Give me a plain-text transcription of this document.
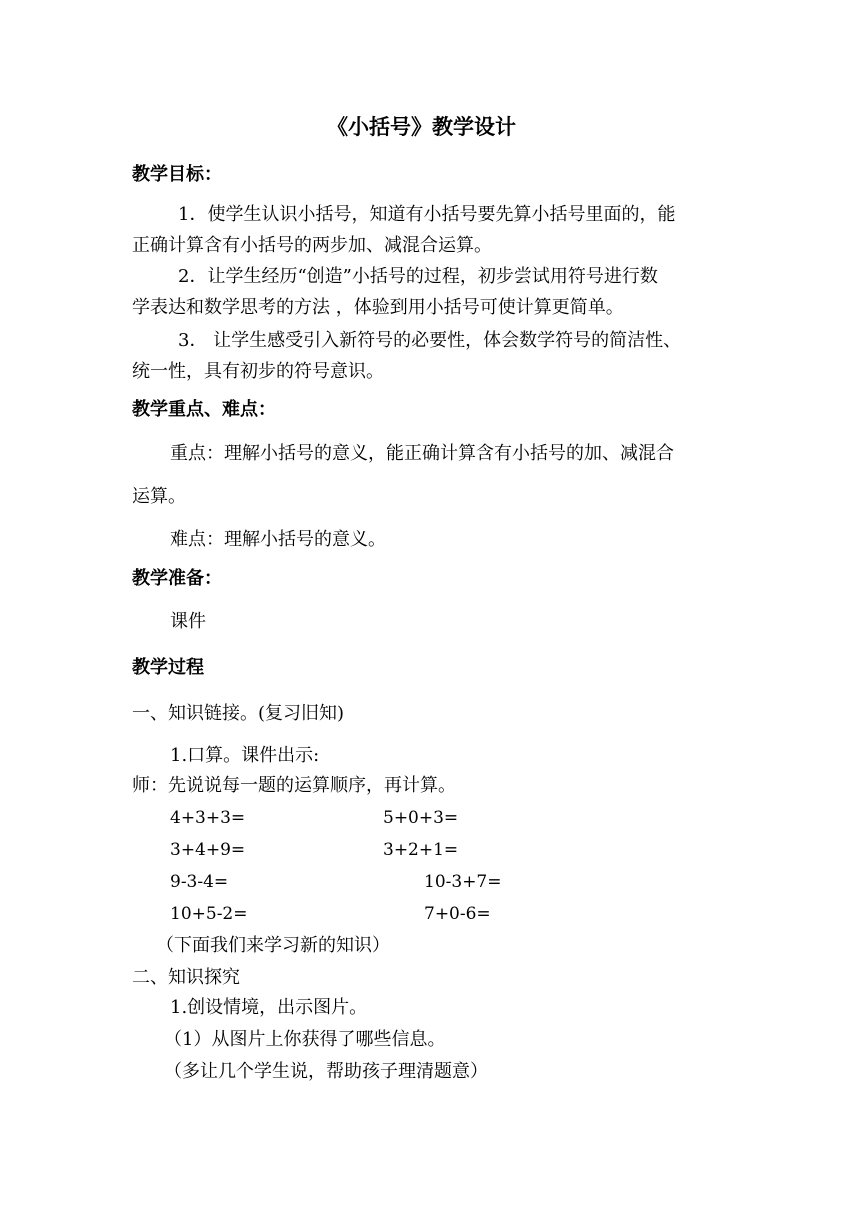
《小括号》教学设计
教学目标：
1．使学生认识小括号，知道有小括号要先算小括号里面的，能
正确计算含有小括号的两步加、减混合运算。
2．让学生经历“创造”小括号的过程，初步尝试用符号进行数
学表达和数学思考的方法 ，体验到用小括号可使计算更简单。
3． 让学生感受引入新符号的必要性，体会数学符号的简洁性、
统一性，具有初步的符号意识。
教学重点、难点：
重点：理解小括号的意义，能正确计算含有小括号的加、减混合
运算。
难点：理解小括号的意义。
教学准备：
课件
教学过程
一、知识链接。(复习旧知)
1.口算。课件出示:
师：先说说每一题的运算顺序，再计算。
4+3+3=	5+0+3=
3+4+9=	3+2+1=
9-3-4=	10-3+7=
10+5-2=	7+0-6=
（下面我们来学习新的知识）
二、知识探究
1.创设情境，出示图片。
（1）从图片上你获得了哪些信息。
（多让几个学生说，帮助孩子理清题意）
